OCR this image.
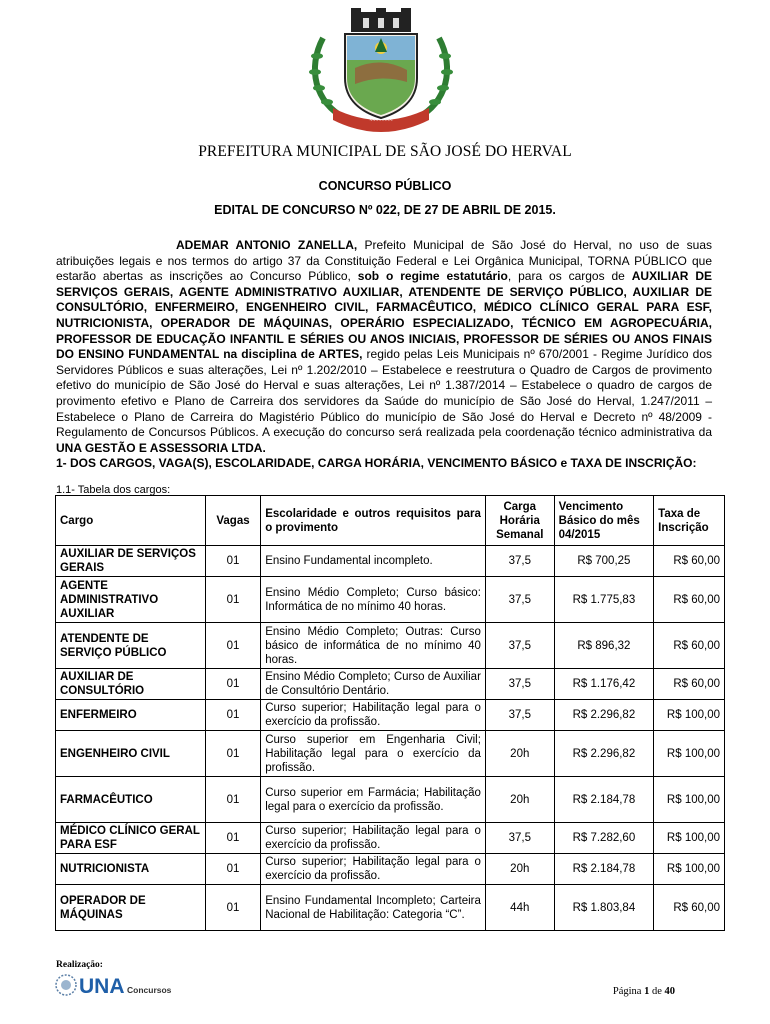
~~~~~~~~
PREFEITURA MUNICIPAL DE SÃO JOSÉ DO HERVAL
CONCURSO PÚBLICO
EDITAL DE CONCURSO Nº 022, DE 27 DE ABRIL DE 2015.
ADEMAR ANTONIO ZANELLA, Prefeito Municipal de São José do Herval, no uso de suas atribuições legais e nos termos do artigo 37 da Constituição Federal e Lei Orgânica Municipal, TORNA PÚBLICO que estarão abertas as inscrições ao Concurso Público, sob o regime estatutário, para os cargos de AUXILIAR DE SERVIÇOS GERAIS, AGENTE ADMINISTRATIVO AUXILIAR, ATENDENTE DE SERVIÇO PÚBLICO, AUXILIAR DE CONSULTÓRIO, ENFERMEIRO, ENGENHEIRO CIVIL, FARMACÊUTICO, MÉDICO CLÍNICO GERAL PARA ESF, NUTRICIONISTA, OPERADOR DE MÁQUINAS, OPERÁRIO ESPECIALIZADO, TÉCNICO EM AGROPECUÁRIA, PROFESSOR DE EDUCAÇÃO INFANTIL E SÉRIES OU ANOS INICIAIS, PROFESSOR DE SÉRIES OU ANOS FINAIS DO ENSINO FUNDAMENTAL na disciplina de ARTES, regido pelas Leis Municipais nº 670/2001 - Regime Jurídico dos Servidores Públicos e suas alterações, Lei nº 1.202/2010 – Estabelece e reestrutura o Quadro de Cargos de provimento efetivo do município de São José do Herval e suas alterações, Lei nº 1.387/2014 – Estabelece o quadro de cargos de provimento efetivo e Plano de Carreira dos servidores da Saúde do município de São José do Herval, 1.247/2011 – Estabelece o Plano de Carreira do Magistério Público do município de São José do Herval e Decreto nº 48/2009 - Regulamento de Concursos Públicos. A execução do concurso será realizada pela coordenação técnico administrativa da UNA GESTÃO E ASSESSORIA LTDA.
1- DOS CARGOS, VAGA(S), ESCOLARIDADE, CARGA HORÁRIA, VENCIMENTO BÁSICO e TAXA DE INSCRIÇÃO:
1.1- Tabela dos cargos:
Cargo	Vagas	Escolaridade e outros requisitos para o provimento	Carga Horária Semanal	Vencimento Básico do mês 04/2015	Taxa de Inscrição
AUXILIAR DE SERVIÇOS GERAIS	01	Ensino Fundamental incompleto.	37,5	R$ 700,25	R$ 60,00
AGENTE ADMINISTRATIVO AUXILIAR	01	Ensino Médio Completo; Curso básico: Informática de no mínimo 40 horas.	37,5	R$ 1.775,83	R$ 60,00
ATENDENTE DE SERVIÇO PÚBLICO	01	Ensino Médio Completo; Outras: Curso básico de informática de no mínimo 40 horas.	37,5	R$ 896,32	R$ 60,00
AUXILIAR DE CONSULTÓRIO	01	Ensino Médio Completo; Curso de Auxiliar de Consultório Dentário.	37,5	R$ 1.176,42	R$ 60,00
ENFERMEIRO	01	Curso superior; Habilitação legal para o exercício da profissão.	37,5	R$ 2.296,82	R$ 100,00
ENGENHEIRO CIVIL	01	Curso superior em Engenharia Civil; Habilitação legal para o exercício da profissão.	20h	R$ 2.296,82	R$ 100,00
FARMACÊUTICO	01	Curso superior em Farmácia; Habilitação legal para o exercício da profissão.	20h	R$ 2.184,78	R$ 100,00
MÉDICO CLÍNICO GERAL PARA ESF	01	Curso superior; Habilitação legal para o exercício da profissão.	37,5	R$ 7.282,60	R$ 100,00
NUTRICIONISTA	01	Curso superior; Habilitação legal para o exercício da profissão.	20h	R$ 2.184,78	R$ 100,00
OPERADOR DE MÁQUINAS	01	Ensino Fundamental Incompleto; Carteira Nacional de Habilitação: Categoria “C”.	44h	R$ 1.803,84	R$ 60,00
Realização:
UNA Concursos	Página 1 de 40
